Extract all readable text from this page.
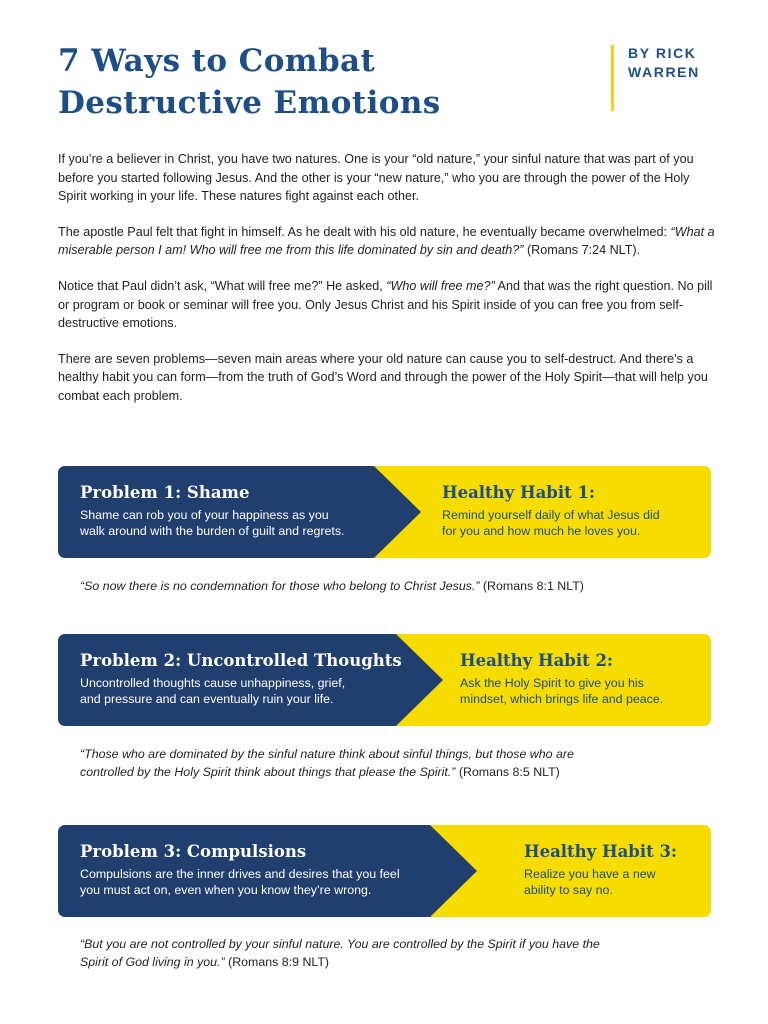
7 Ways to Combat
Destructive Emotions
BY RICK
WARREN

If you’re a believer in Christ, you have two natures. One is your “old nature,” your sinful nature that was part of you before you started following Jesus. And the other is your “new nature,” who you are through the power of the Holy Spirit working in your life. These natures fight against each other.

The apostle Paul felt that fight in himself. As he dealt with his old nature, he eventually became overwhelmed: “What a miserable person I am! Who will free me from this life dominated by sin and death?” (Romans 7:24 NLT).

Notice that Paul didn’t ask, “What will free me?” He asked, “Who will free me?” And that was the right question. No pill or program or book or seminar will free you. Only Jesus Christ and his Spirit inside of you can free you from self-destructive emotions.

There are seven problems—seven main areas where your old nature can cause you to self-destruct. And there’s a healthy habit you can form—from the truth of God’s Word and through the power of the Holy Spirit—that will help you combat each problem.

Problem 1: Shame
Shame can rob you of your happiness as you
walk around with the burden of guilt and regrets.
Healthy Habit 1:
Remind yourself daily of what Jesus did
for you and how much he loves you.
“So now there is no condemnation for those who belong to Christ Jesus.” (Romans 8:1 NLT)
Problem 2: Uncontrolled Thoughts
Uncontrolled thoughts cause unhappiness, grief,
and pressure and can eventually ruin your life.
Healthy Habit 2:
Ask the Holy Spirit to give you his
mindset, which brings life and peace.
“Those who are dominated by the sinful nature think about sinful things, but those who are
controlled by the Holy Spirit think about things that please the Spirit.” (Romans 8:5 NLT)
Problem 3: Compulsions
Compulsions are the inner drives and desires that you feel
you must act on, even when you know they’re wrong.
Healthy Habit 3:
Realize you have a new
ability to say no.
“But you are not controlled by your sinful nature. You are controlled by the Spirit if you have the
Spirit of God living in you.” (Romans 8:9 NLT)
